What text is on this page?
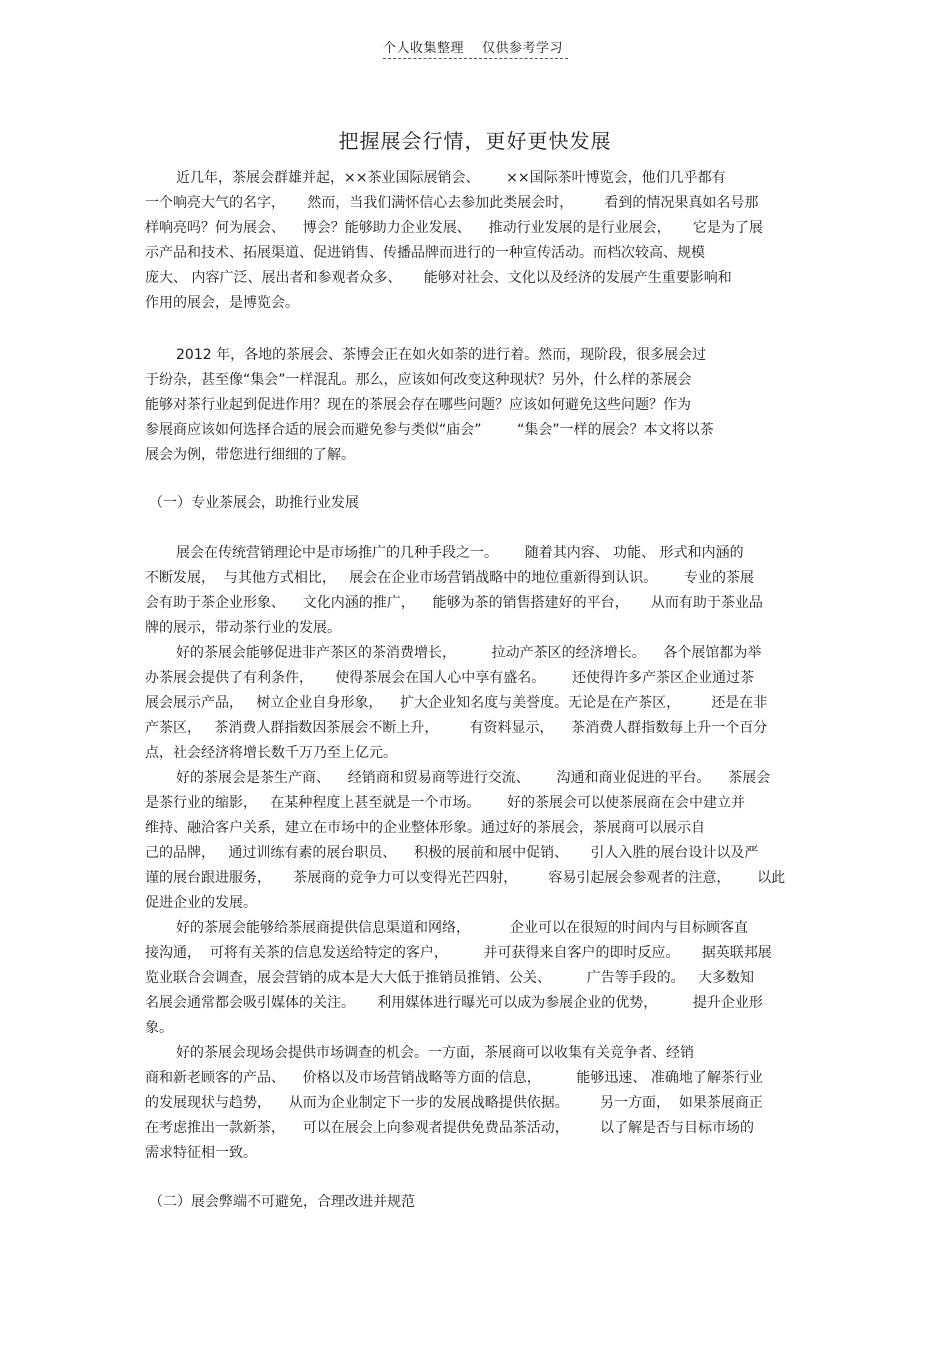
个人收集整理 仅供参考学习
把握展会行情，更好更快发展
近几年，茶展会群雄并起，××茶业国际展销会、      ××国际茶叶博览会，他们几乎都有
一个响亮大气的名字，     然而，当我们满怀信心去参加此类展会时，       看到的情况果真如名号那
样响亮吗？何为展会、    博会？能够助力企业发展、    推动行业发展的是行业展会，     它是为了展
示产品和技术、拓展渠道、促进销售、传播品牌而进行的一种宣传活动。而档次较高、规模
庞大、 内容广泛、展出者和参观者众多、     能够对社会、文化以及经济的发展产生重要影响和
作用的展会，是博览会。
2012 年，各地的茶展会、茶博会正在如火如荼的进行着。然而，现阶段，很多展会过
于纷杂，甚至像“集会”一样混乱。那么，应该如何改变这种现状？另外，什么样的茶展会
能够对茶行业起到促进作用？现在的茶展会存在哪些问题？应该如何避免这些问题？作为
参展商应该如何选择合适的展会而避免参与类似“庙会”        “集会”一样的展会？本文将以茶
展会为例，带您进行细细的了解。
（一）专业茶展会，助推行业发展
展会在传统营销理论中是市场推广的几种手段之一。      随着其内容、 功能、 形式和内涵的
不断发展，  与其他方式相比，   展会在企业市场营销战略中的地位重新得到认识。      专业的茶展
会有助于茶企业形象、    文化内涵的推广，    能够为茶的销售搭建好的平台，     从而有助于茶业品
牌的展示，带动茶行业的发展。
好的茶展会能够促进非产茶区的茶消费增长，        拉动产茶区的经济增长。    各个展馆都为举
办茶展会提供了有利条件，     使得茶展会在国人心中享有盛名。      还使得许多产茶区企业通过茶
展会展示产品，   树立企业自身形象，    扩大企业知名度与美誉度。无论是在产茶区，       还是在非
产茶区，   茶消费人群指数因茶展会不断上升，       有资料显示，    茶消费人群指数每上升一个百分
点，社会经济将增长数千万乃至上亿元。
好的茶展会是茶生产商、    经销商和贸易商等进行交流、      沟通和商业促进的平台。    茶展会
是茶行业的缩影，   在某种程度上甚至就是一个市场。      好的茶展会可以使茶展商在会中建立并
维持、融洽客户关系，建立在市场中的企业整体形象。通过好的茶展会，茶展商可以展示自
己的品牌，   通过训练有素的展台职员、    积极的展前和展中促销、     引人入胜的展台设计以及严
谨的展台跟进服务，     茶展商的竞争力可以变得光芒四射，       容易引起展会参观者的注意，      以此
促进企业的发展。
好的茶展会能够给茶展商提供信息渠道和网络，         企业可以在很短的时间内与目标顾客直
接沟通，  可将有关茶的信息发送给特定的客户，        并可获得来自客户的即时反应。     据英联邦展
览业联合会调查，展会营销的成本是大大低于推销员推销、公关、        广告等手段的。   大多数知
名展会通常都会吸引媒体的关注。     利用媒体进行曝光可以成为参展企业的优势，        提升企业形
象。
好的茶展会现场会提供市场调查的机会。一方面，茶展商可以收集有关竞争者、经销
商和新老顾客的产品、    价格以及市场营销战略等方面的信息，        能够迅速、 准确地了解茶行业
的发展现状与趋势，    从而为企业制定下一步的发展战略提供依据。       另一方面，  如果茶展商正
在考虑推出一款新茶，    可以在展会上向参观者提供免费品茶活动，       以了解是否与目标市场的
需求特征相一致。
（二）展会弊端不可避免，合理改进并规范
